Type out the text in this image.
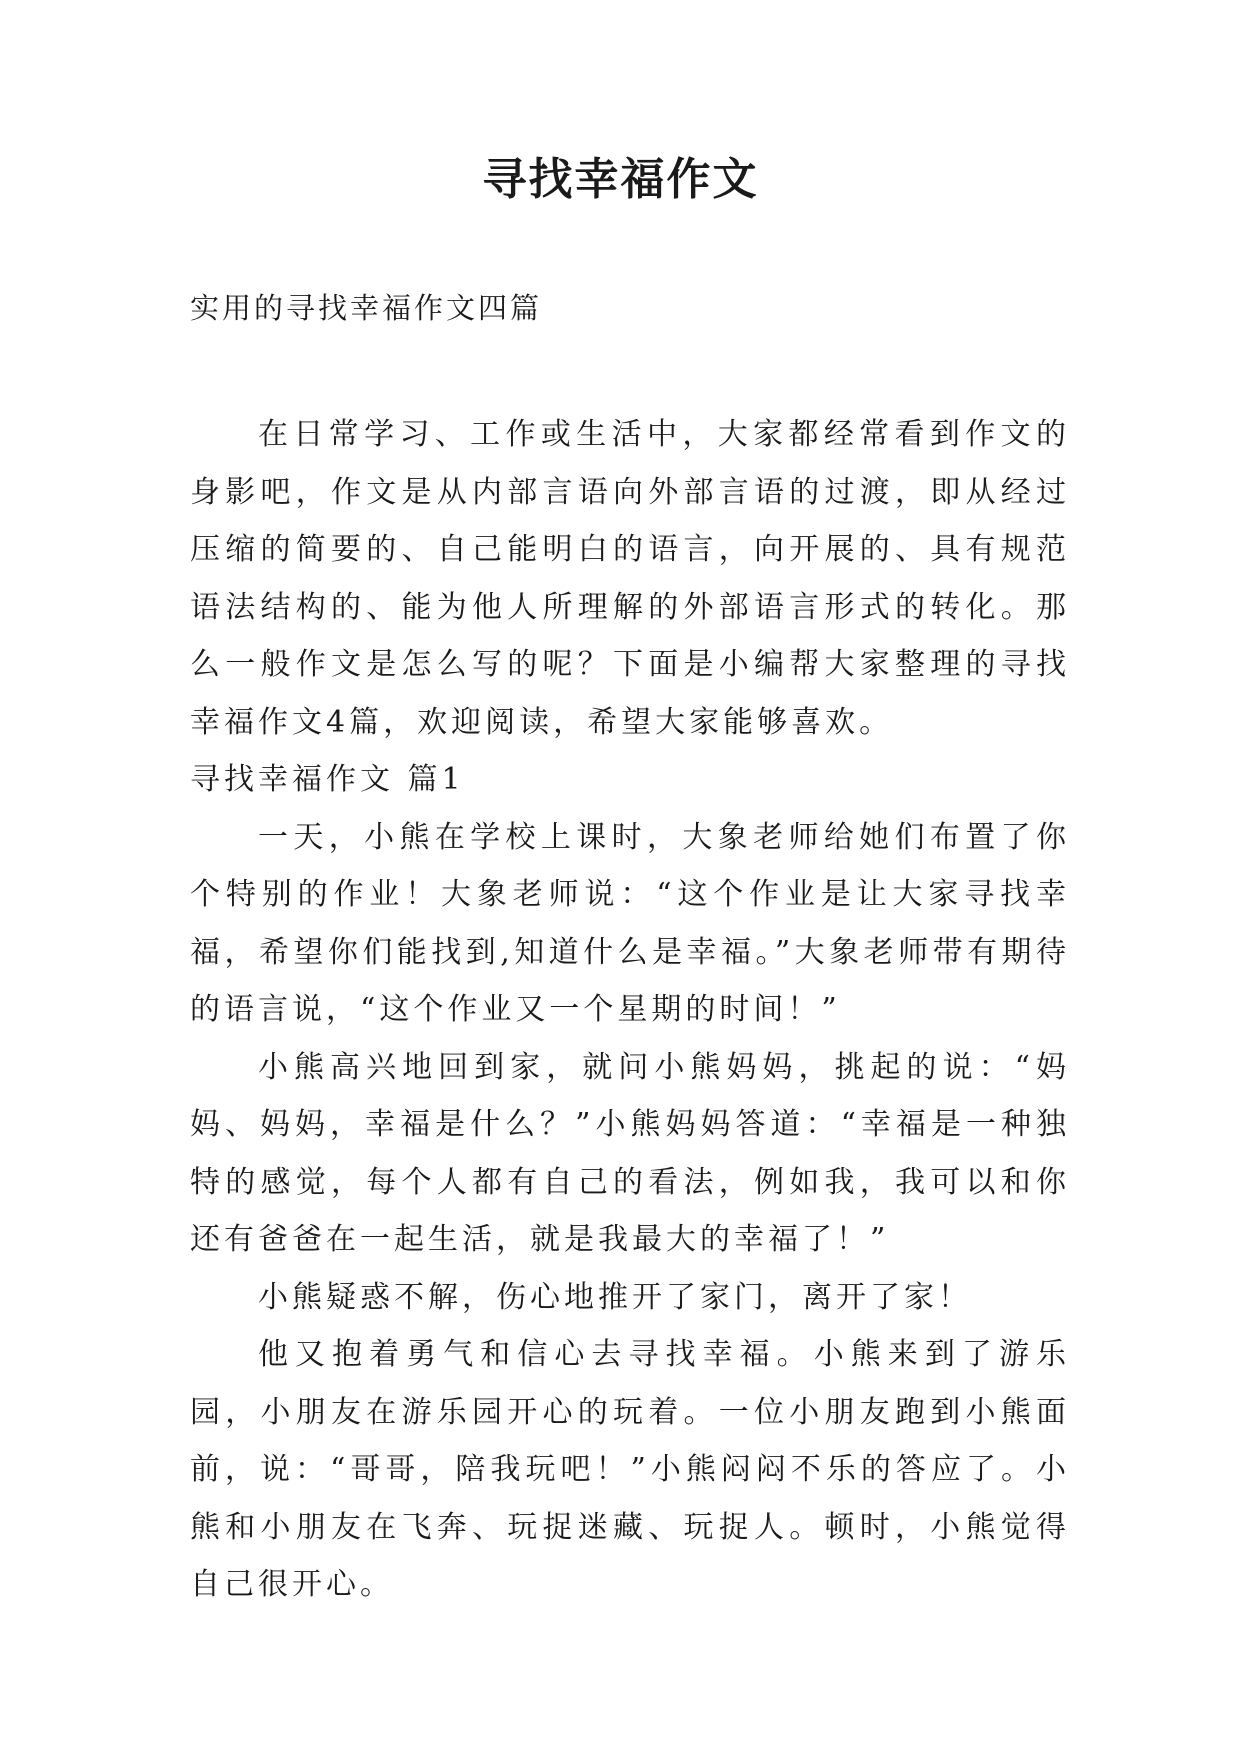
寻找幸福作文
实用的寻找幸福作文四篇

在日常学习、工作或生活中，大家都经常看到作文的身影吧，作文是从内部言语向外部言语的过渡，即从经过压缩的简要的、自己能明白的语言，向开展的、具有规范语法结构的、能为他人所理解的外部语言形式的转化。那么一般作文是怎么写的呢？下面是小编帮大家整理的寻找幸福作文4篇，欢迎阅读，希望大家能够喜欢。

寻找幸福作文 篇1

一天，小熊在学校上课时，大象老师给她们布置了你个特别的作业！大象老师说：“这个作业是让大家寻找幸福，希望你们能找到,知道什么是幸福。”大象老师带有期待的语言说，“这个作业又一个星期的时间！”

小熊高兴地回到家，就问小熊妈妈，挑起的说：“妈妈、妈妈，幸福是什么？”小熊妈妈答道：“幸福是一种独特的感觉，每个人都有自己的看法，例如我，我可以和你还有爸爸在一起生活，就是我最大的幸福了！”

小熊疑惑不解，伤心地推开了家门，离开了家！

他又抱着勇气和信心去寻找幸福。小熊来到了游乐园，小朋友在游乐园开心的玩着。一位小朋友跑到小熊面前，说：“哥哥，陪我玩吧！”小熊闷闷不乐的答应了。小熊和小朋友在飞奔、玩捉迷藏、玩捉人。顿时，小熊觉得自己很开心。
